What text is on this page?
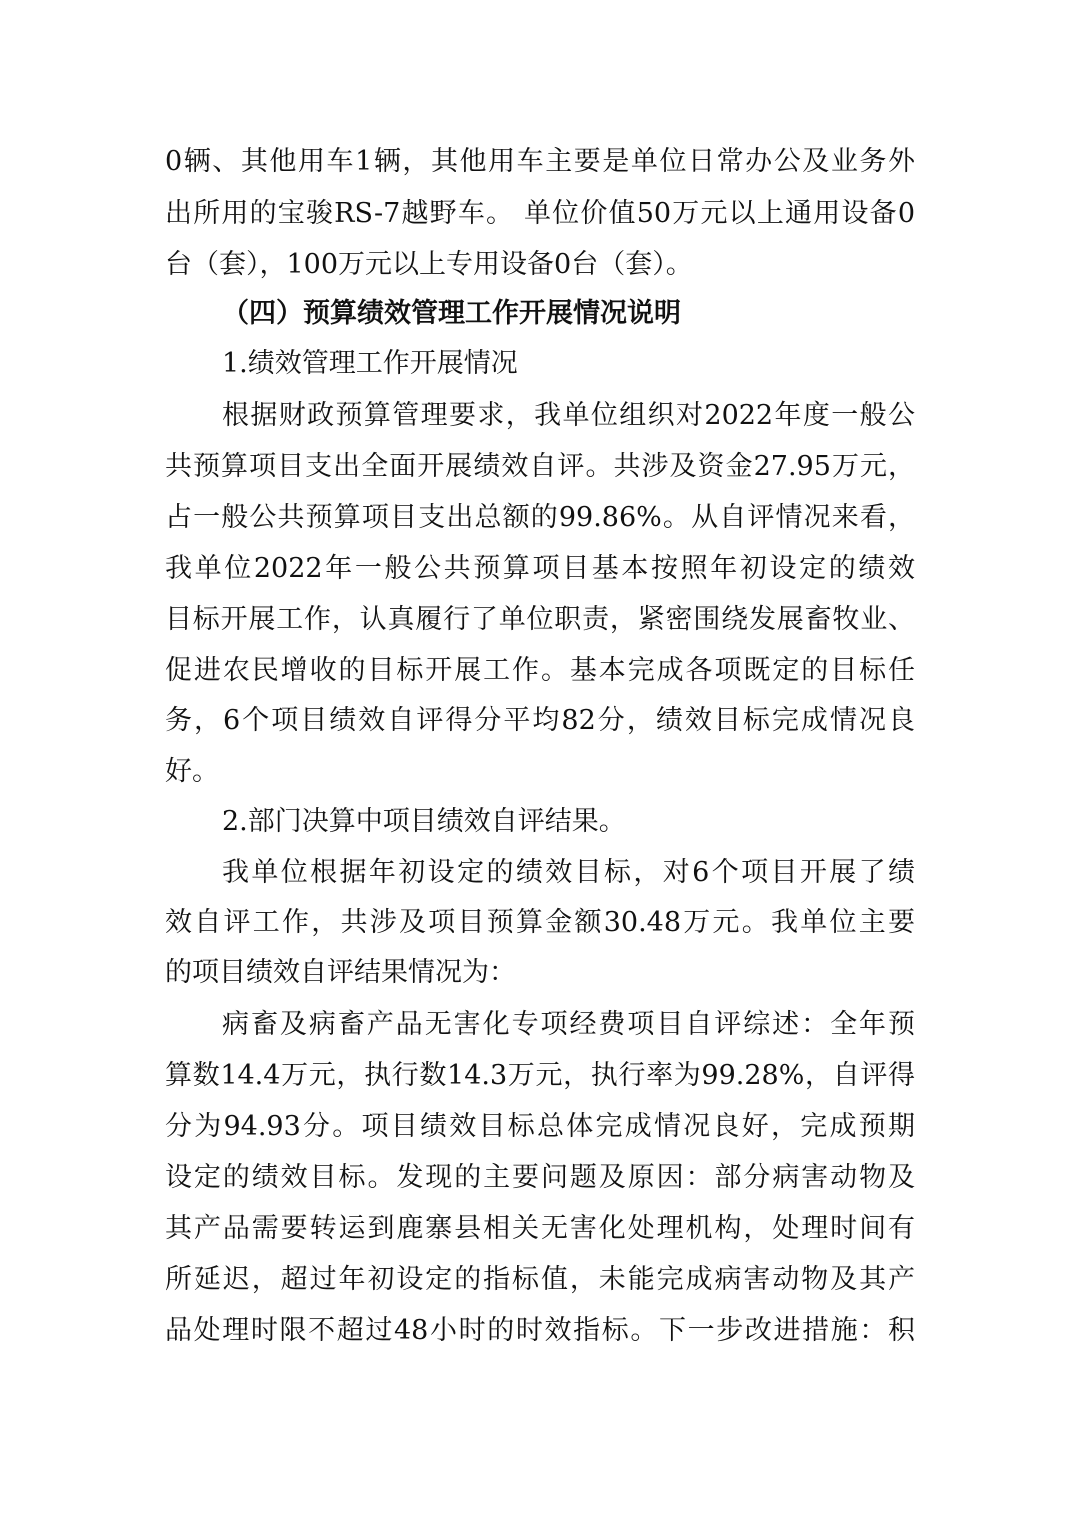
0辆、其他用车1辆，其他用车主要是单位日常办公及业务外
出所用的宝骏RS-7越野车。 单位价值50万元以上通用设备0
台（套），100万元以上专用设备0台（套）。
（四）预算绩效管理工作开展情况说明
1.绩效管理工作开展情况
根据财政预算管理要求，我单位组织对2022年度一般公
共预算项目支出全面开展绩效自评。共涉及资金27.95万元，
占一般公共预算项目支出总额的99.86%。从自评情况来看，
我单位2022年一般公共预算项目基本按照年初设定的绩效
目标开展工作，认真履行了单位职责，紧密围绕发展畜牧业、
促进农民增收的目标开展工作。基本完成各项既定的目标任
务，6个项目绩效自评得分平均82分，绩效目标完成情况良
好。
2.部门决算中项目绩效自评结果。
我单位根据年初设定的绩效目标，对6个项目开展了绩
效自评工作，共涉及项目预算金额30.48万元。我单位主要
的项目绩效自评结果情况为：
病畜及病畜产品无害化专项经费项目自评综述：全年预
算数14.4万元，执行数14.3万元，执行率为99.28%，自评得
分为94.93分。项目绩效目标总体完成情况良好，完成预期
设定的绩效目标。发现的主要问题及原因：部分病害动物及
其产品需要转运到鹿寨县相关无害化处理机构，处理时间有
所延迟，超过年初设定的指标值，未能完成病害动物及其产
品处理时限不超过48小时的时效指标。下一步改进措施：积
